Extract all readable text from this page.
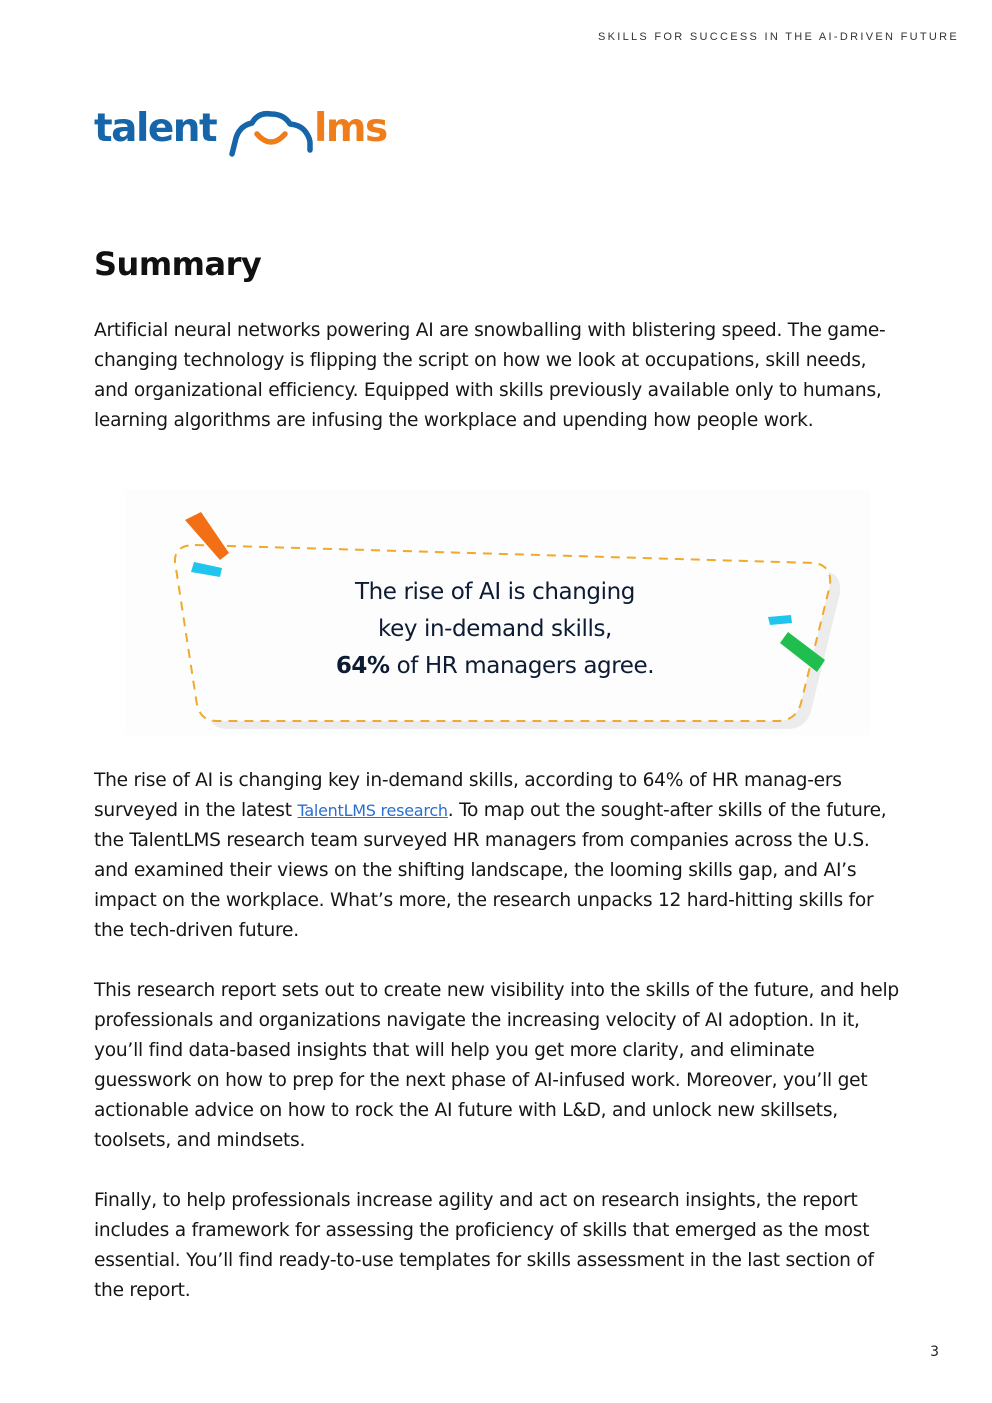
SKILLS FOR SUCCESS IN THE AI-DRIVEN FUTURE
talent	lms
Summary

Artificial neural networks powering AI are snowballing with blistering speed. The game-changing technology is flipping the script on how we look at occupations, skill needs, and organizational efficiency. Equipped with skills previously available only to humans, learning algorithms are infusing the workplace and upending how people work.

The rise of AI is changing
key in-demand skills,
64% of HR managers agree.

The rise of AI is changing key in-demand skills, according to 64% of HR manag-ers surveyed in the latest TalentLMS research. To map out the sought-after skills of the future, the TalentLMS research team surveyed HR managers from companies across the U.S. and examined their views on the shifting landscape, the looming skills gap, and AI’s impact on the workplace. What’s more, the research unpacks 12 hard-hitting skills for the tech-driven future.

This research report sets out to create new visibility into the skills of the future, and help professionals and organizations navigate the increasing velocity of AI adoption. In it, you’ll find data-based insights that will help you get more clarity, and eliminate guesswork on how to prep for the next phase of AI-infused work. Moreover, you’ll get actionable advice on how to rock the AI future with L&D, and unlock new skillsets, toolsets, and mindsets.

Finally, to help professionals increase agility and act on research insights, the report includes a framework for assessing the proficiency of skills that emerged as the most essential. You’ll find ready-to-use templates for skills assessment in the last section of the report.

3
